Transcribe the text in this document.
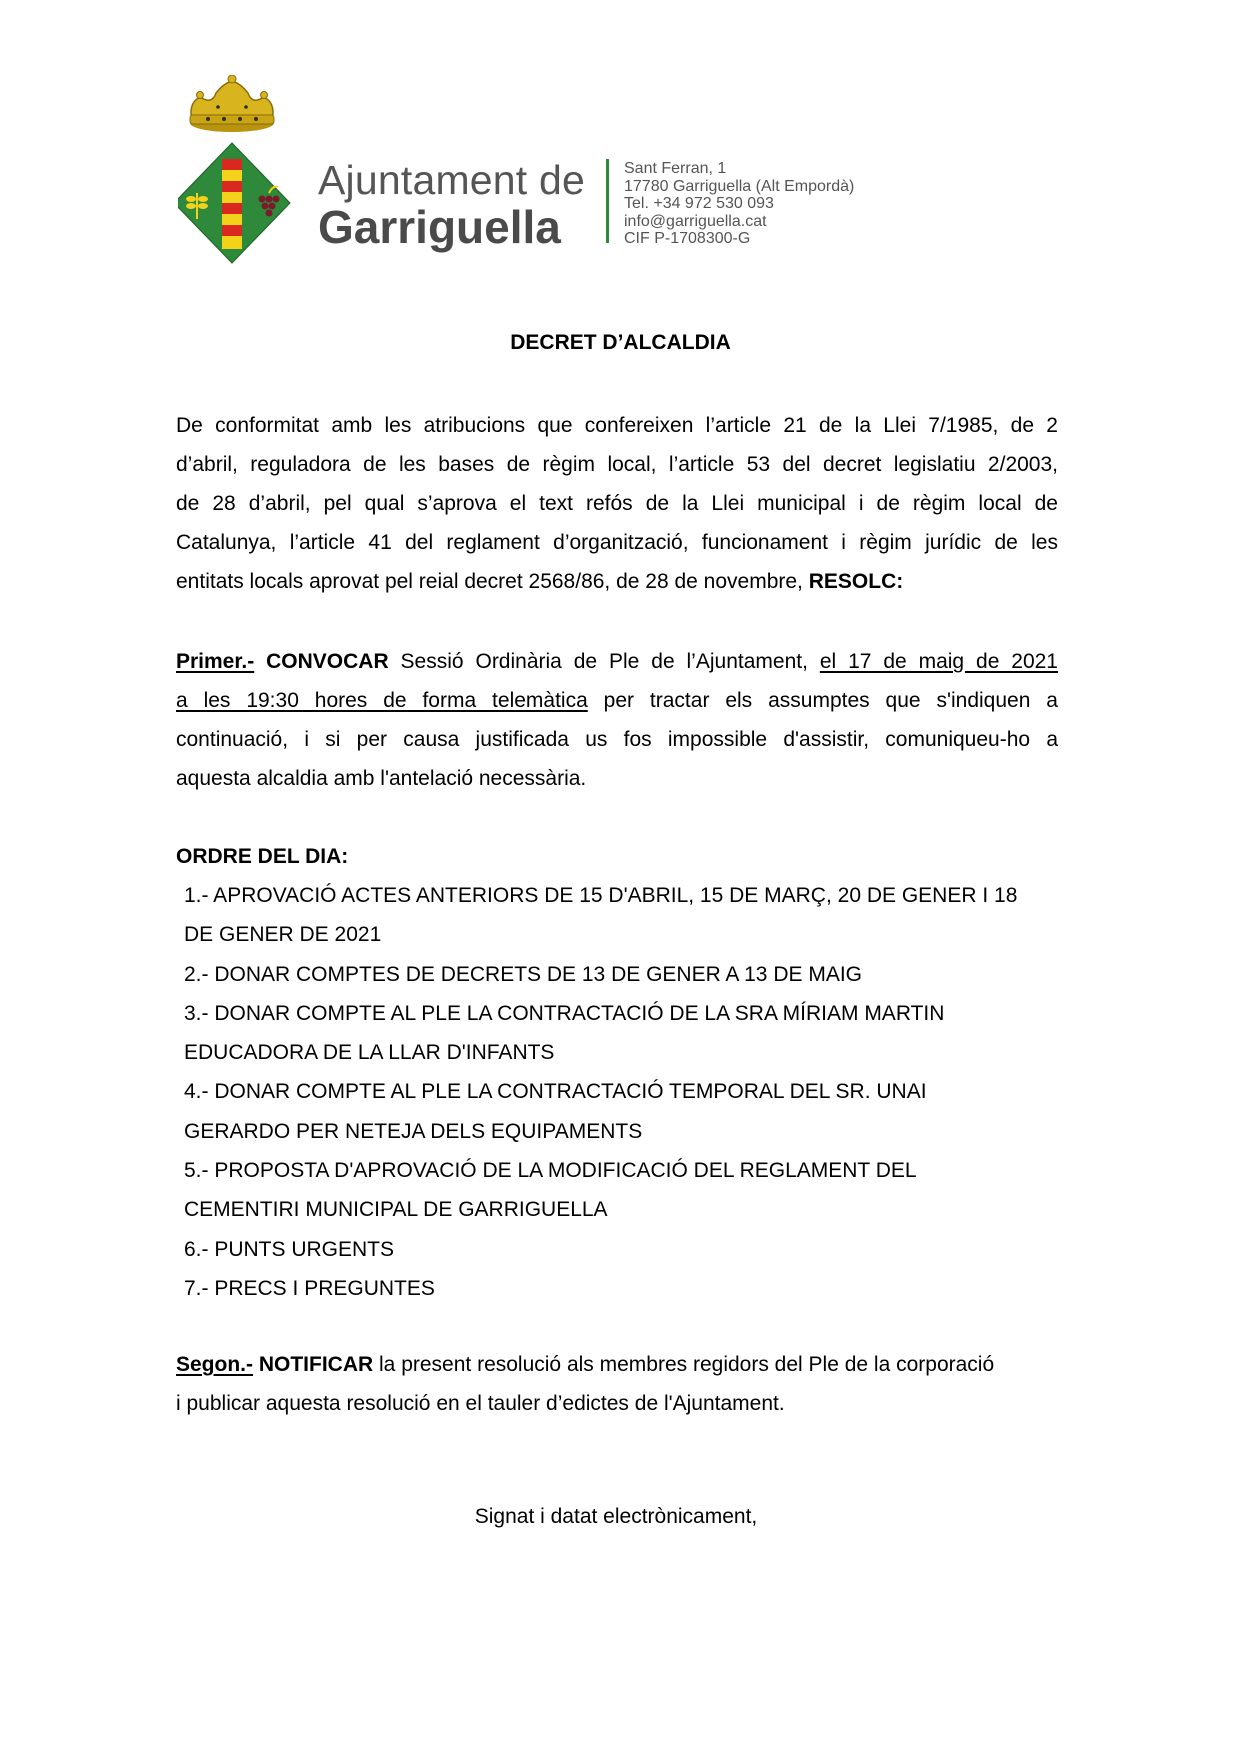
Ajuntament de
Garriguella
Sant Ferran, 1
17780 Garriguella (Alt Empordà)
Tel. +34 972 530 093
info@garriguella.cat
CIF P-1708300-G
DECRET D’ALCALDIA
De conformitat amb les atribucions que confereixen l’article 21 de la Llei 7/1985, de 2
d’abril, reguladora de les bases de règim local, l’article 53 del decret legislatiu 2/2003,
de 28 d’abril, pel qual s’aprova el text refós de la Llei municipal i de règim local de
Catalunya, l’article 41 del reglament d’organització, funcionament i règim jurídic de les
entitats locals aprovat pel reial decret 2568/86, de 28 de novembre, RESOLC:
Primer.- CONVOCAR Sessió Ordinària de Ple de l’Ajuntament, el 17 de maig de 2021
a les 19:30 hores de forma telemàtica per tractar els assumptes que s'indiquen a
continuació, i si per causa justificada us fos impossible d'assistir, comuniqueu-ho a
aquesta alcaldia amb l'antelació necessària.
ORDRE DEL DIA:
1.- APROVACIÓ ACTES ANTERIORS DE 15 D'ABRIL, 15 DE MARÇ, 20 DE GENER I 18
DE GENER DE 2021
2.- DONAR COMPTES DE DECRETS DE 13 DE GENER A 13 DE MAIG
3.- DONAR COMPTE AL PLE LA CONTRACTACIÓ DE LA SRA MÍRIAM MARTIN
EDUCADORA DE LA LLAR D'INFANTS
4.- DONAR COMPTE AL PLE LA CONTRACTACIÓ TEMPORAL DEL SR. UNAI
GERARDO PER NETEJA DELS EQUIPAMENTS
5.- PROPOSTA D'APROVACIÓ DE LA MODIFICACIÓ DEL REGLAMENT DEL
CEMENTIRI MUNICIPAL DE GARRIGUELLA
6.- PUNTS URGENTS
7.- PRECS I PREGUNTES
Segon.- NOTIFICAR la present resolució als membres regidors del Ple de la corporació
i publicar aquesta resolució en el tauler d’edictes de l'Ajuntament.
Signat i datat electrònicament,
